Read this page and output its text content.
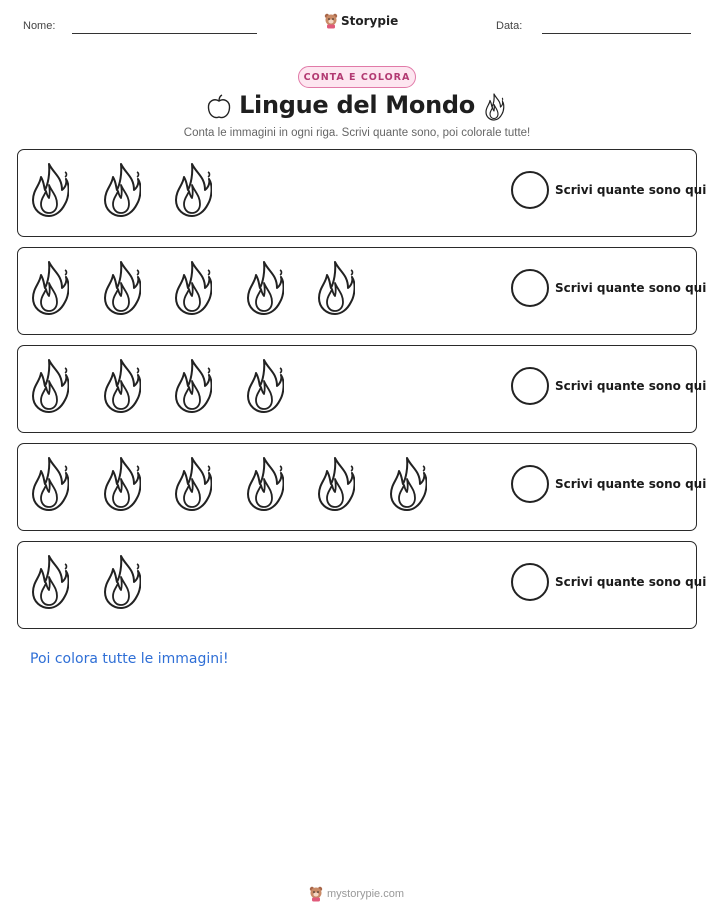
Nome:	Storypie	Data:
CONTA E COLORA
Lingue del Mondo
Conta le immagini in ogni riga. Scrivi quante sono, poi colorale tutte!
Scrivi quante sono qui
Scrivi quante sono qui
Scrivi quante sono qui
Scrivi quante sono qui
Scrivi quante sono qui
Poi colora tutte le immagini!
mystorypie.com
